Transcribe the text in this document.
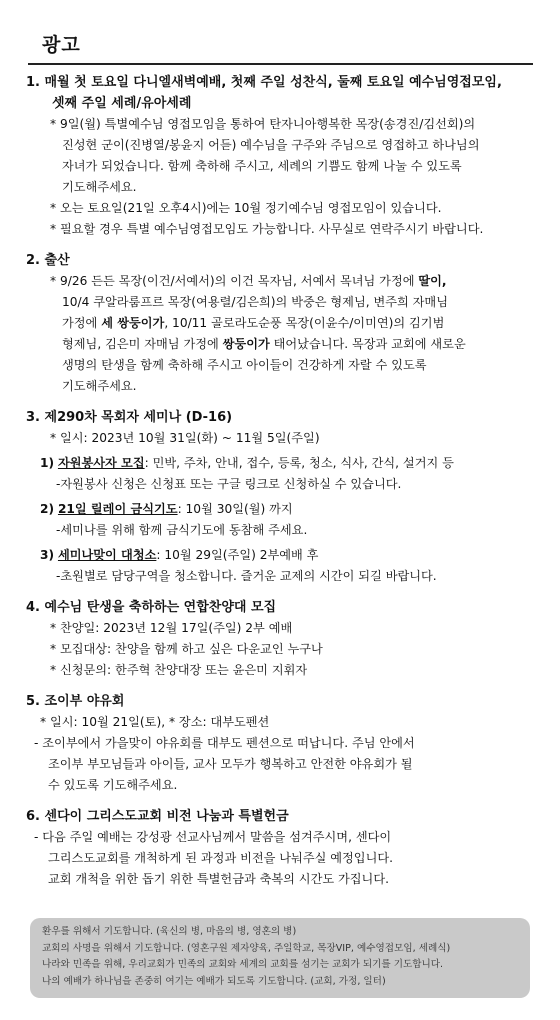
광고
1. 매월 첫 토요일 다니엘새벽예배, 첫째 주일 성찬식, 둘째 토요일 예수님영접모임,
셋째 주일 세례/유아세례
* 9일(월) 특별예수님 영접모임을 통하여 탄자니아행복한 목장(송경진/김선회)의
진성현 군이(진병열/봉윤지 어듣) 예수님을 구주와 주님으로 영접하고 하나님의
자녀가 되었습니다. 함께 축하해 주시고, 세례의 기쁨도 함께 나눌 수 있도록
기도해주세요.
* 오는 토요일(21일 오후4시)에는 10월 정기예수님 영접모임이 있습니다.
* 필요할 경우 특별 예수님영접모임도 가능합니다. 사무실로 연락주시기 바랍니다.
2. 출산
* 9/26 든든 목장(이건/서예서)의 이건 목자님, 서예서 목녀님 가정에 딸이,
10/4 쿠알라룸프르 목장(여용렬/김은희)의 박중은 형제님, 변주희 자매님
가정에 세 쌍둥이가, 10/11 골로라도순풍 목장(이윤수/이미연)의 김기범
형제님, 김은미 자매님 가정에 쌍둥이가 태어났습니다. 목장과 교회에 새로운
생명의 탄생을 함께 축하해 주시고 아이들이 건강하게 자랄 수 있도록
기도해주세요.
3. 제290차 목회자 세미나 (D-16)
* 일시: 2023년 10월 31일(화) ~ 11월 5일(주일)
1) 자원봉사자 모집: 민박, 주차, 안내, 접수, 등록, 청소, 식사, 간식, 설거지 등
-자원봉사 신청은 신청표 또는 구글 링크로 신청하실 수 있습니다.
2) 21일 릴레이 금식기도: 10월 30일(월) 까지
-세미나를 위해 함께 금식기도에 동참해 주세요.
3) 세미나맞이 대청소: 10월 29일(주일) 2부예배 후
-초원별로 담당구역을 청소합니다. 즐거운 교제의 시간이 되길 바랍니다.
4. 예수님 탄생을 축하하는 연합찬양대 모집
* 찬양일: 2023년 12월 17일(주일) 2부 예배
* 모집대상: 찬양을 함께 하고 싶은 다운교인 누구나
* 신청문의: 한주혁 찬양대장 또는 윤은미 지휘자
5. 조이부 야유회
* 일시: 10월 21일(토), * 장소: 대부도펜션
- 조이부에서 가을맞이 야유회를 대부도 펜션으로 떠납니다. 주님 안에서
조이부 부모님들과 아이들, 교사 모두가 행복하고 안전한 야유회가 될
수 있도록 기도해주세요.
6. 센다이 그리스도교회 비전 나눔과 특별헌금
- 다음 주일 예배는 강성광 선교사님께서 말씀을 섬겨주시며, 센다이
그리스도교회를 개척하게 된 과정과 비전을 나눠주실 예정입니다.
교회 개척을 위한 돕기 위한 특별헌금과 축복의 시간도 가집니다.
환우를 위해서 기도합니다. (육신의 병, 마음의 병, 영혼의 병)
교회의 사명을 위해서 기도합니다. (영혼구원 제자양육, 주일학교, 목장VIP, 예수영접모임, 세례식)
나라와 민족을 위해, 우리교회가 민족의 교회와 세계의 교회를 섬기는 교회가 되기를 기도합니다.
나의 예배가 하나님을 존중히 여기는 예배가 되도록 기도합니다. (교회, 가정, 일터)
